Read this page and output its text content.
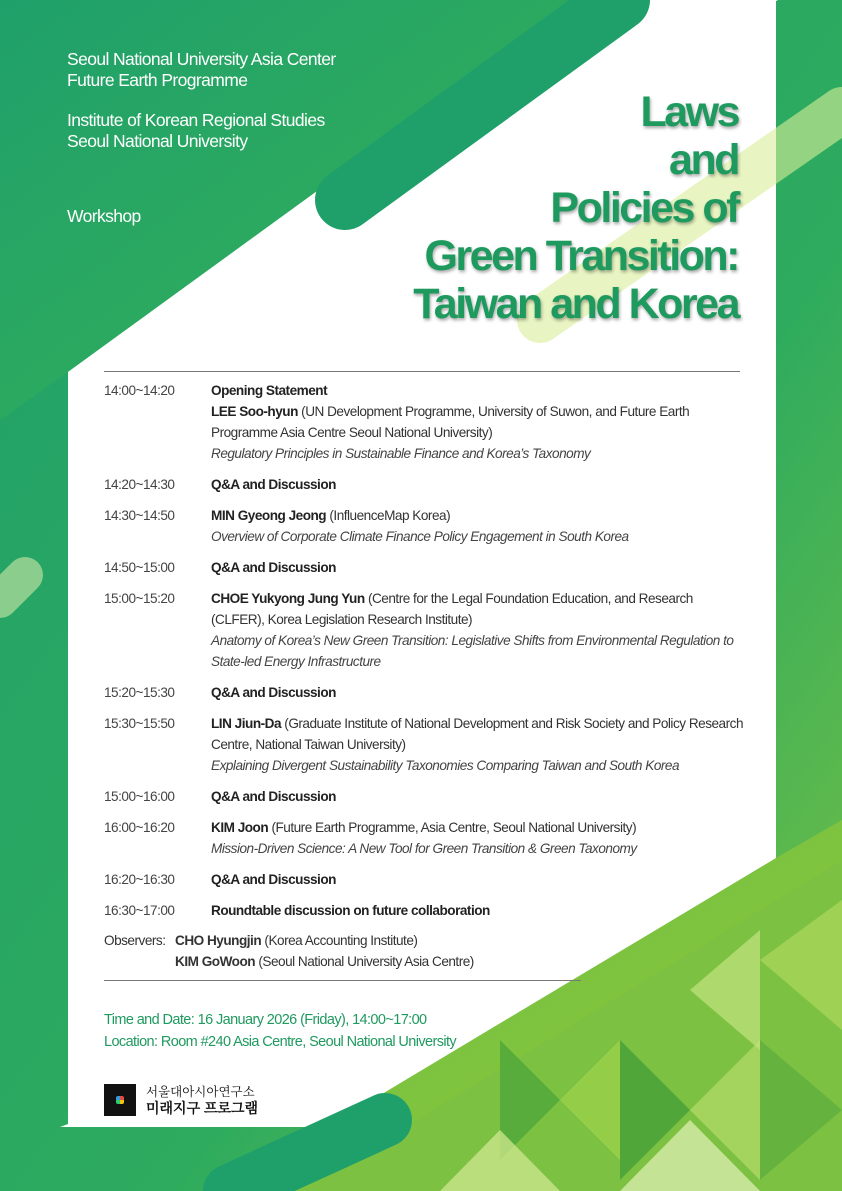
Seoul National University Asia Center
Future Earth Programme
Institute of Korean Regional Studies
Seoul National University
Workshop
Laws
and
Policies of
Green Transition:
Taiwan and Korea
14:00~14:20	Opening Statement
LEE Soo-hyun (UN Development Programme, University of Suwon, and Future Earth Programme Asia Centre Seoul National University)
Regulatory Principles in Sustainable Finance and Korea’s Taxonomy
14:20~14:30	Q&A and Discussion
14:30~14:50	MIN Gyeong Jeong (InfluenceMap Korea)
Overview of Corporate Climate Finance Policy Engagement in South Korea
14:50~15:00	Q&A and Discussion
15:00~15:20	CHOE Yukyong Jung Yun (Centre for the Legal Foundation Education, and Research (CLFER), Korea Legislation Research Institute)
Anatomy of Korea’s New Green Transition: Legislative Shifts from Environmental Regulation to State-led Energy Infrastructure
15:20~15:30	Q&A and Discussion
15:30~15:50	LIN Jiun-Da (Graduate Institute of National Development and Risk Society and Policy Research Centre, National Taiwan University)
Explaining Divergent Sustainability Taxonomies Comparing Taiwan and South Korea
15:00~16:00	Q&A and Discussion
16:00~16:20	KIM Joon (Future Earth Programme, Asia Centre, Seoul National University)
Mission-Driven Science: A New Tool for Green Transition & Green Taxonomy
16:20~16:30	Q&A and Discussion
16:30~17:00	Roundtable discussion on future collaboration
Observers: CHO Hyungjin (Korea Accounting Institute)
KIM GoWoon (Seoul National University Asia Centre)
Time and Date: 16 January 2026 (Friday), 14:00~17:00
Location: Room #240 Asia Centre, Seoul National University
서울대아시아연구소
미래지구 프로그램
